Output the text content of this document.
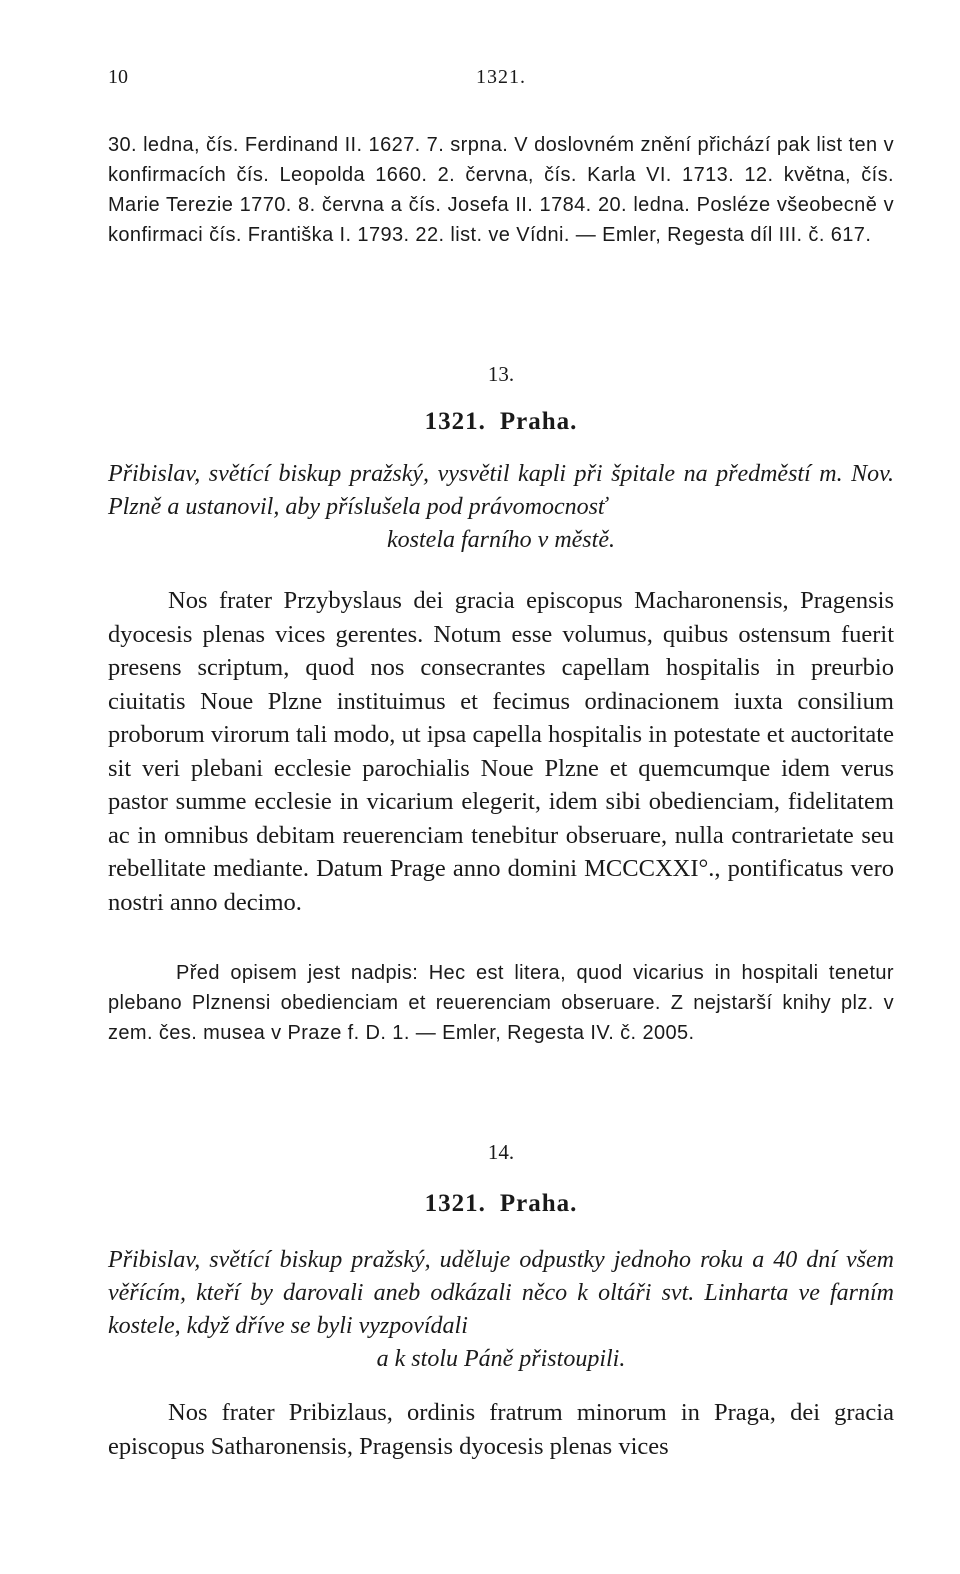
10	1321.

30. ledna, čís. Ferdinand II. 1627. 7. srpna. V doslovném znění přichází pak list ten v konfirmacích čís. Leopolda 1660. 2. června, čís. Karla VI. 1713. 12. května, čís. Marie Terezie 1770. 8. června a čís. Josefa II. 1784. 20. ledna. Posléze všeobecně v konfirmaci čís. Františka I. 1793. 22. list. ve Vídni. — Emler, Regesta díl III. č. 617.

13.
1321. Praha.

Přibislav, světící biskup pražský, vysvětil kapli při špitale na předměstí m. Nov. Plzně a ustanovil, aby příslušela pod právomocnosť
kostela farního v městě.

Nos frater Przybyslaus dei gracia episcopus Macharonensis, Pragensis dyocesis plenas vices gerentes. Notum esse volumus, quibus ostensum fuerit presens scriptum, quod nos consecrantes capellam hospitalis in preurbio ciuitatis Noue Plzne instituimus et fecimus ordinacionem iuxta consilium proborum virorum tali modo, ut ipsa capella hospitalis in potestate et auctoritate sit veri plebani ecclesie parochialis Noue Plzne et quemcumque idem verus pastor summe ecclesie in vicarium elegerit, idem sibi obedienciam, fidelitatem ac in omnibus debitam reuerenciam tenebitur obseruare, nulla contrarietate seu rebellitate mediante. Datum Prage anno domini MCCCXXI°., pontificatus vero nostri anno decimo.

Před opisem jest nadpis: Hec est litera, quod vicarius in hospitali tenetur plebano Plznensi obedienciam et reuerenciam obseruare. Z nejstarší knihy plz. v zem. čes. musea v Praze f. D. 1. — Emler, Regesta IV. č. 2005.

14.
1321. Praha.

Přibislav, světící biskup pražský, uděluje odpustky jednoho roku a 40 dní všem věřícím, kteří by darovali aneb odkázali něco k oltáři svt. Linharta ve farním kostele, když dříve se byli vyzpovídali
a k stolu Páně přistoupili.

Nos frater Pribizlaus, ordinis fratrum minorum in Praga, dei gracia episcopus Satharonensis, Pragensis dyocesis plenas vices
